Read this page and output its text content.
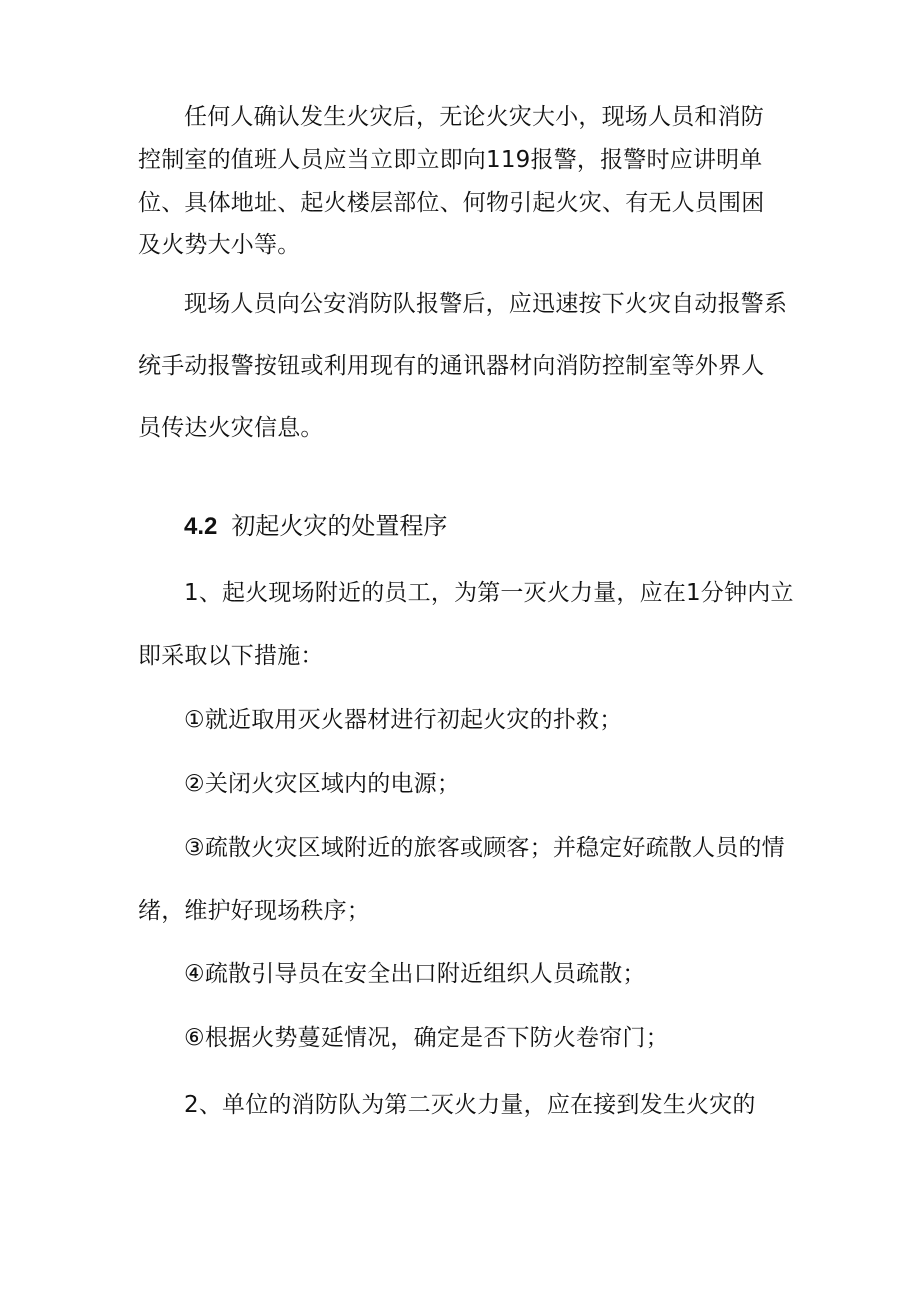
任何人确认发生火灾后，无论火灾大小，现场人员和消防
控制室的值班人员应当立即立即向119报警，报警时应讲明单
位、具体地址、起火楼层部位、何物引起火灾、有无人员围困
及火势大小等。
现场人员向公安消防队报警后，应迅速按下火灾自动报警系
统手动报警按钮或利用现有的通讯器材向消防控制室等外界人
员传达火灾信息。
4.2 初起火灾的处置程序
1、起火现场附近的员工，为第一灭火力量，应在1分钟内立
即采取以下措施：
①就近取用灭火器材进行初起火灾的扑救；
②关闭火灾区域内的电源；
③疏散火灾区域附近的旅客或顾客；并稳定好疏散人员的情
绪，维护好现场秩序；
④疏散引导员在安全出口附近组织人员疏散；
⑥根据火势蔓延情况，确定是否下防火卷帘门；
2、单位的消防队为第二灭火力量，应在接到发生火灾的
